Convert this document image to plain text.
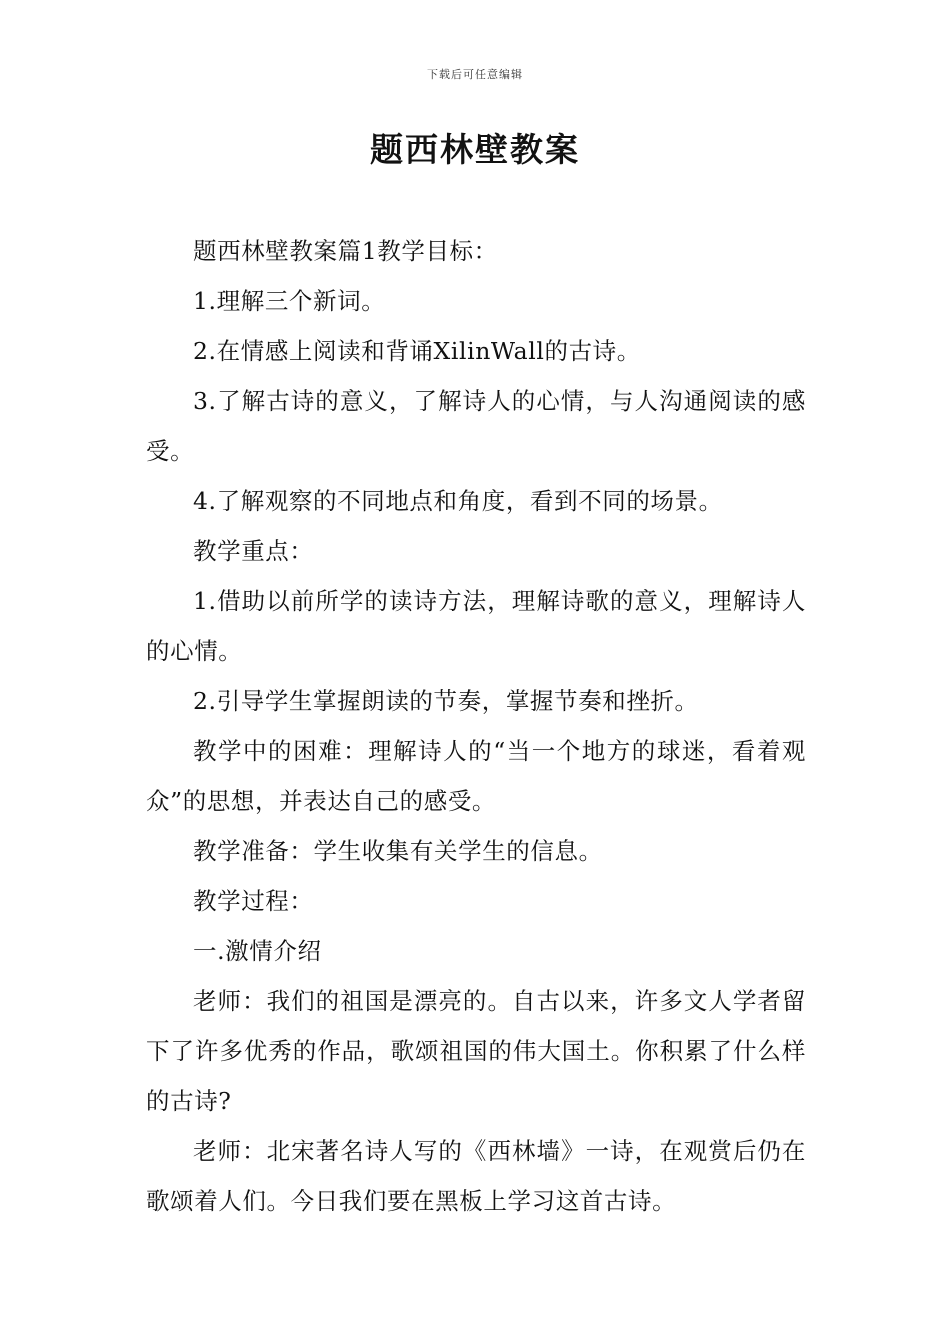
下载后可任意编辑
题西林壁教案

题西林壁教案篇1教学目标：

1.理解三个新词。

2.在情感上阅读和背诵XilinWall的古诗。

3.了解古诗的意义，了解诗人的心情，与人沟通阅读的感受。

4.了解观察的不同地点和角度，看到不同的场景。

教学重点：

1.借助以前所学的读诗方法，理解诗歌的意义，理解诗人的心情。

2.引导学生掌握朗读的节奏，掌握节奏和挫折。

教学中的困难：理解诗人的“当一个地方的球迷，看着观众”的思想，并表达自己的感受。

教学准备：学生收集有关学生的信息。

教学过程：

一.激情介绍

老师：我们的祖国是漂亮的。自古以来，许多文人学者留下了许多优秀的作品，歌颂祖国的伟大国土。你积累了什么样的古诗?

老师：北宋著名诗人写的《西林墙》一诗，在观赏后仍在歌颂着人们。今日我们要在黑板上学习这首古诗。
